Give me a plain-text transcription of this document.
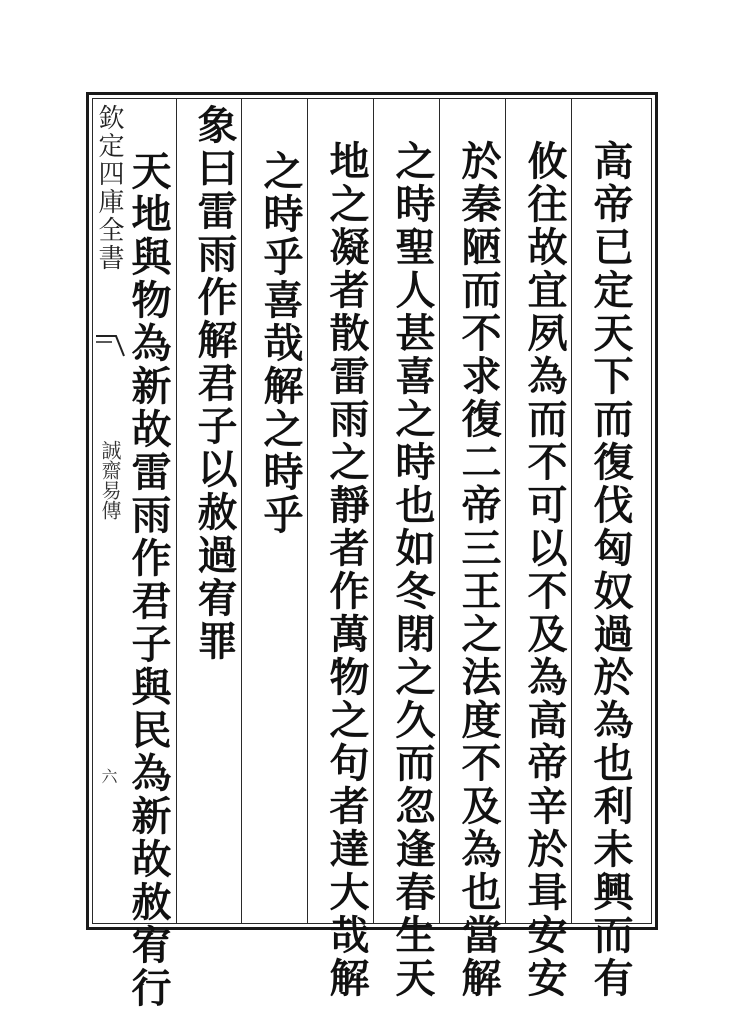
欽定四庫全書
誠齋易傳
六	高帝已定天下而復伐匈奴過於為也利未興而有
攸往故宜夙為而不可以不及為高帝辛於咠安安
於秦陋而不求復二帝三王之法度不及為也當解
之時聖人甚喜之時也如冬閉之久而忽逢春生天
地之凝者散雷雨之靜者作萬物之句者達大哉解
之時乎喜哉解之時乎
象曰雷雨作解君子以赦過宥罪
天地與物為新故雷雨作君子與民為新故赦宥行
